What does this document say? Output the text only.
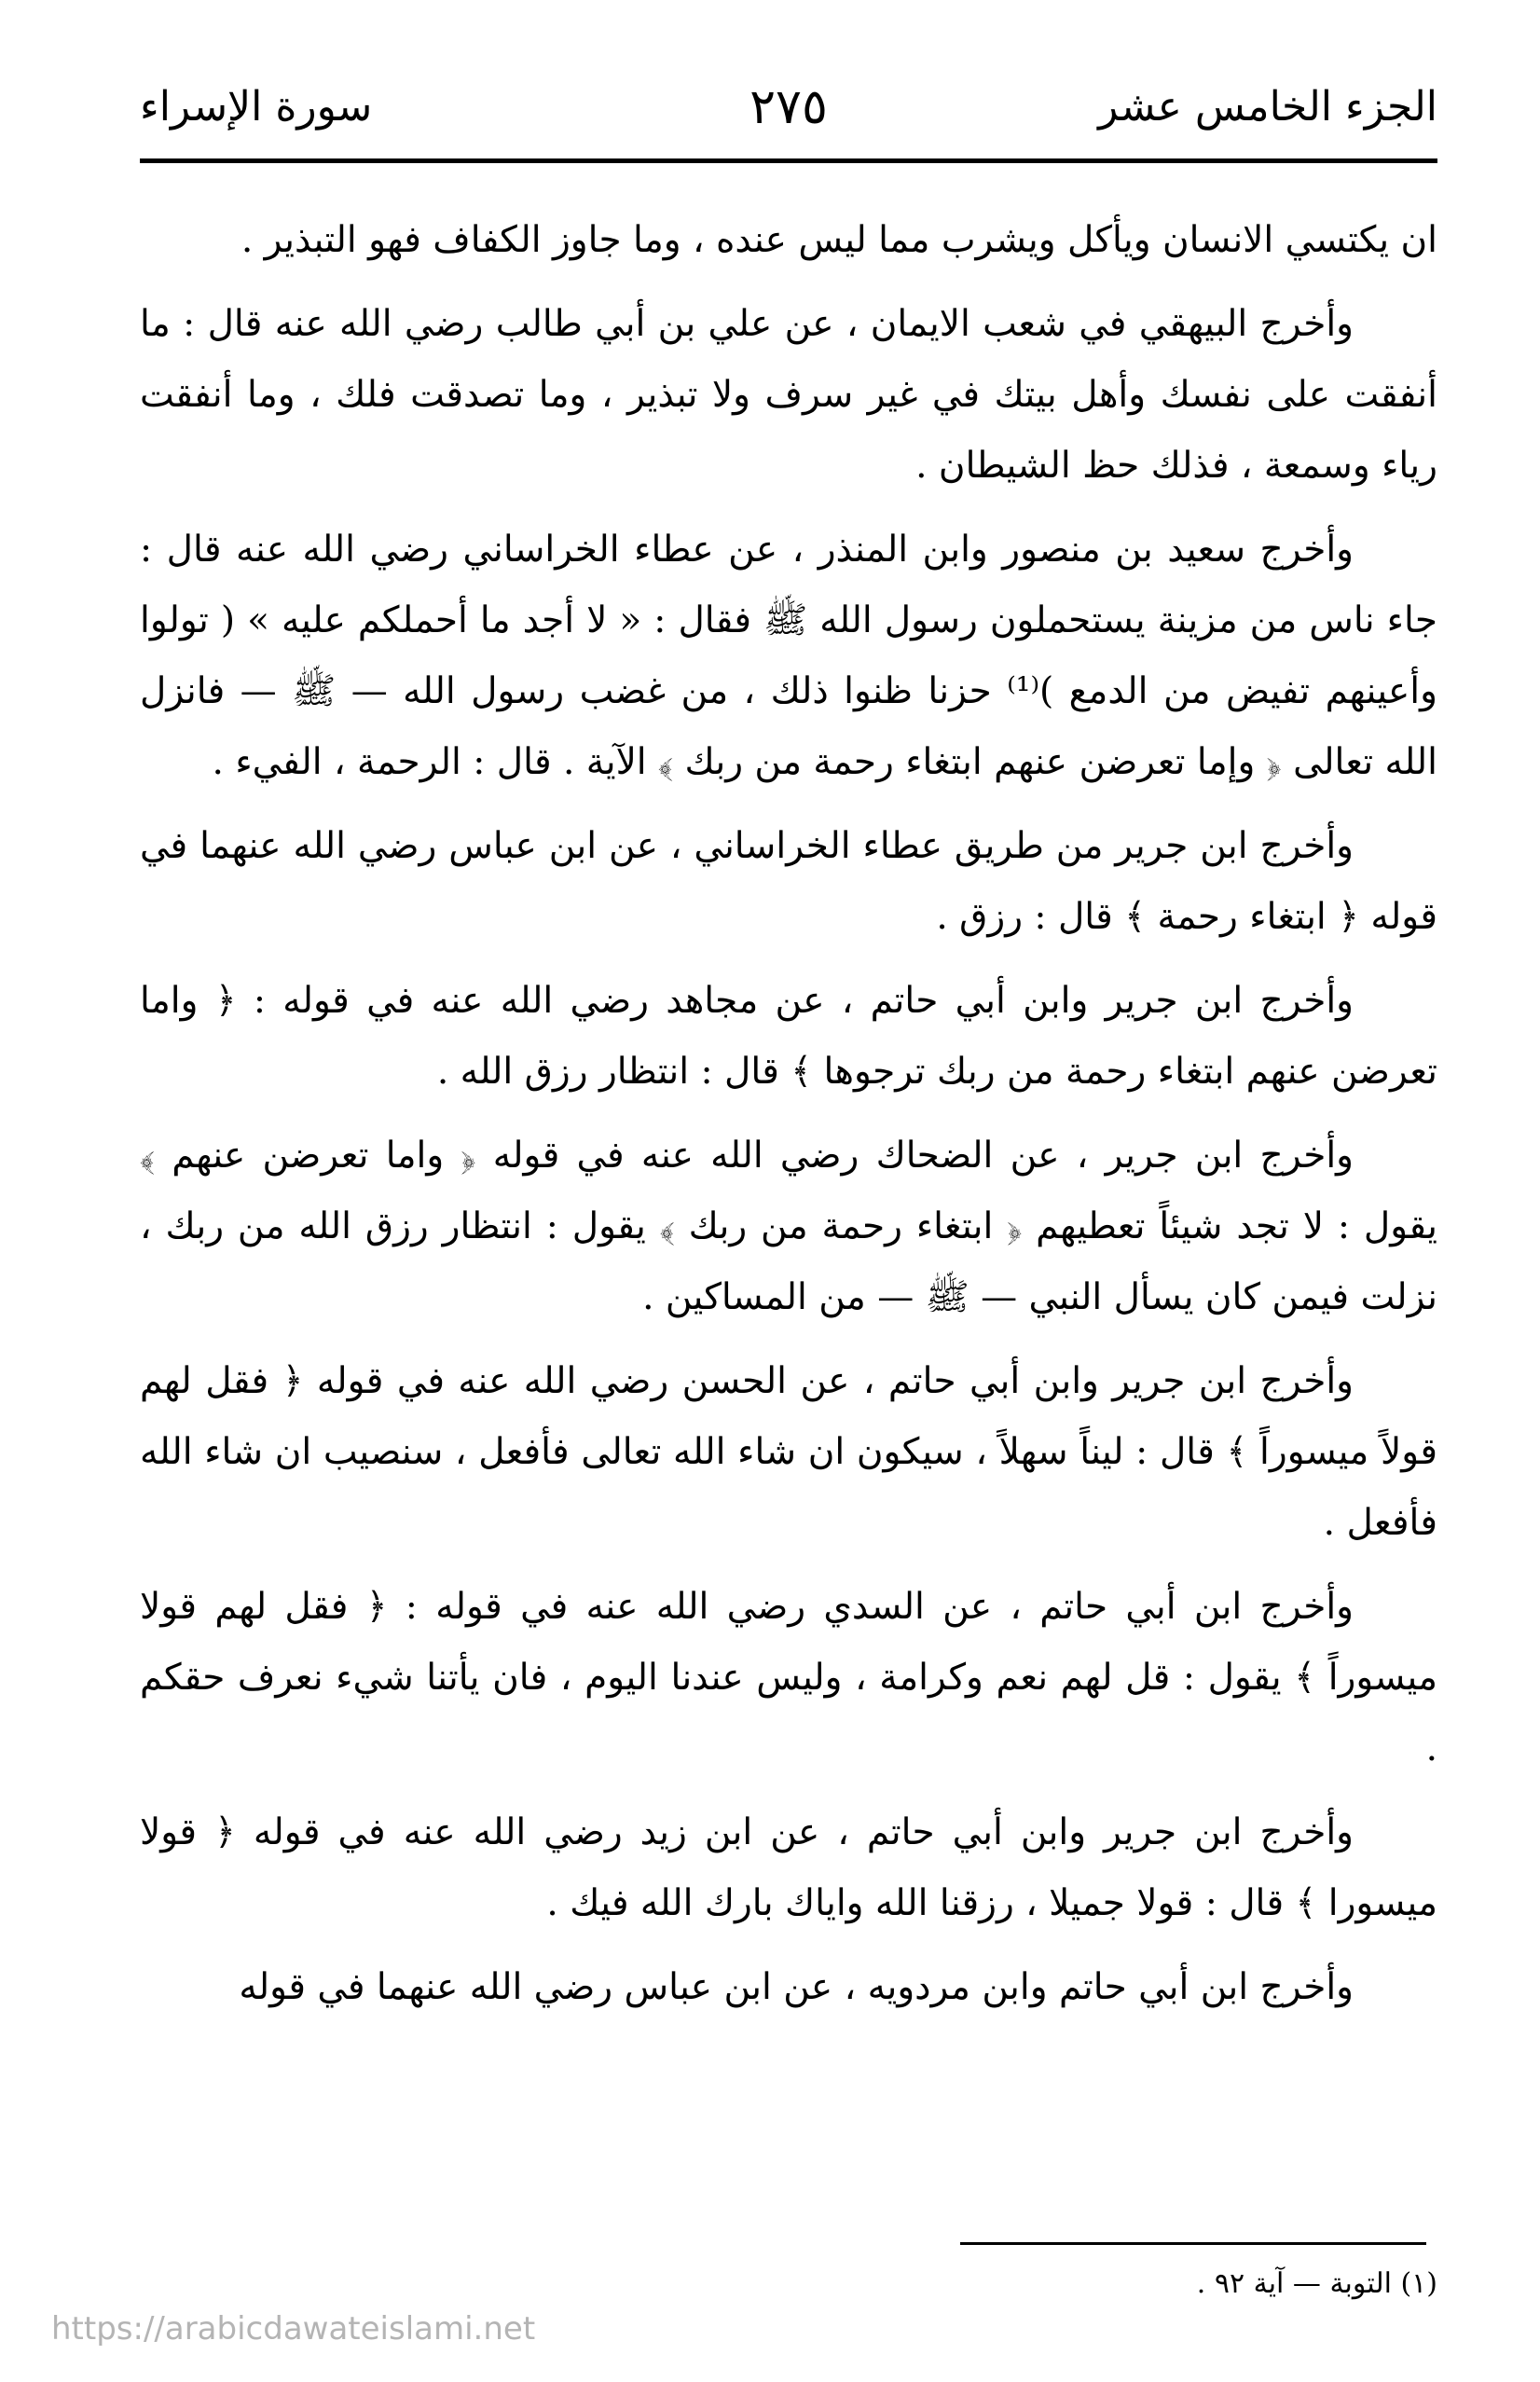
الجزء الخامس عشر
٢٧٥
سورة الإسراء

ان يكتسي الانسان ويأكل ويشرب مما ليس عنده ، وما جاوز الكفاف فهو التبذير .

وأخرج البيهقي في شعب الايمان ، عن علي بن أبي طالب رضي الله عنه قال : ما أنفقت على نفسك وأهل بيتك في غير سرف ولا تبذير ، وما تصدقت فلك ، وما أنفقت رياء وسمعة ، فذلك حظ الشيطان .

وأخرج سعيد بن منصور وابن المنذر ، عن عطاء الخراساني رضي الله عنه قال : جاء ناس من مزينة يستحملون رسول الله ﷺ فقال : « لا أجد ما أحملكم عليه » ( تولوا وأعينهم تفيض من الدمع )⁽¹⁾ حزنا ظنوا ذلك ، من غضب رسول الله — ﷺ — فانزل الله تعالى ﴿ وإما تعرضن عنهم ابتغاء رحمة من ربك ﴾ الآية . قال : الرحمة ، الفيء .

وأخرج ابن جرير من طريق عطاء الخراساني ، عن ابن عباس رضي الله عنهما في قوله ﴿ ابتغاء رحمة ﴾ قال : رزق .

وأخرج ابن جرير وابن أبي حاتم ، عن مجاهد رضي الله عنه في قوله : ﴿ واما تعرضن عنهم ابتغاء رحمة من ربك ترجوها ﴾ قال : انتظار رزق الله .

وأخرج ابن جرير ، عن الضحاك رضي الله عنه في قوله ﴿ واما تعرضن عنهم ﴾ يقول : لا تجد شيئاً تعطيهم ﴿ ابتغاء رحمة من ربك ﴾ يقول : انتظار رزق الله من ربك ، نزلت فيمن كان يسأل النبي — ﷺ — من المساكين .

وأخرج ابن جرير وابن أبي حاتم ، عن الحسن رضي الله عنه في قوله ﴿ فقل لهم قولاً ميسوراً ﴾ قال : ليناً سهلاً ، سيكون ان شاء الله تعالى فأفعل ، سنصيب ان شاء الله فأفعل .

وأخرج ابن أبي حاتم ، عن السدي رضي الله عنه في قوله : ﴿ فقل لهم قولا ميسوراً ﴾ يقول : قل لهم نعم وكرامة ، وليس عندنا اليوم ، فان يأتنا شيء نعرف حقكم .

وأخرج ابن جرير وابن أبي حاتم ، عن ابن زيد رضي الله عنه في قوله ﴿ قولا ميسورا ﴾ قال : قولا جميلا ، رزقنا الله واياك بارك الله فيك .

وأخرج ابن أبي حاتم وابن مردويه ، عن ابن عباس رضي الله عنهما في قوله

(١) التوبة — آية ٩٢ .
https://arabicdawateislami.net
